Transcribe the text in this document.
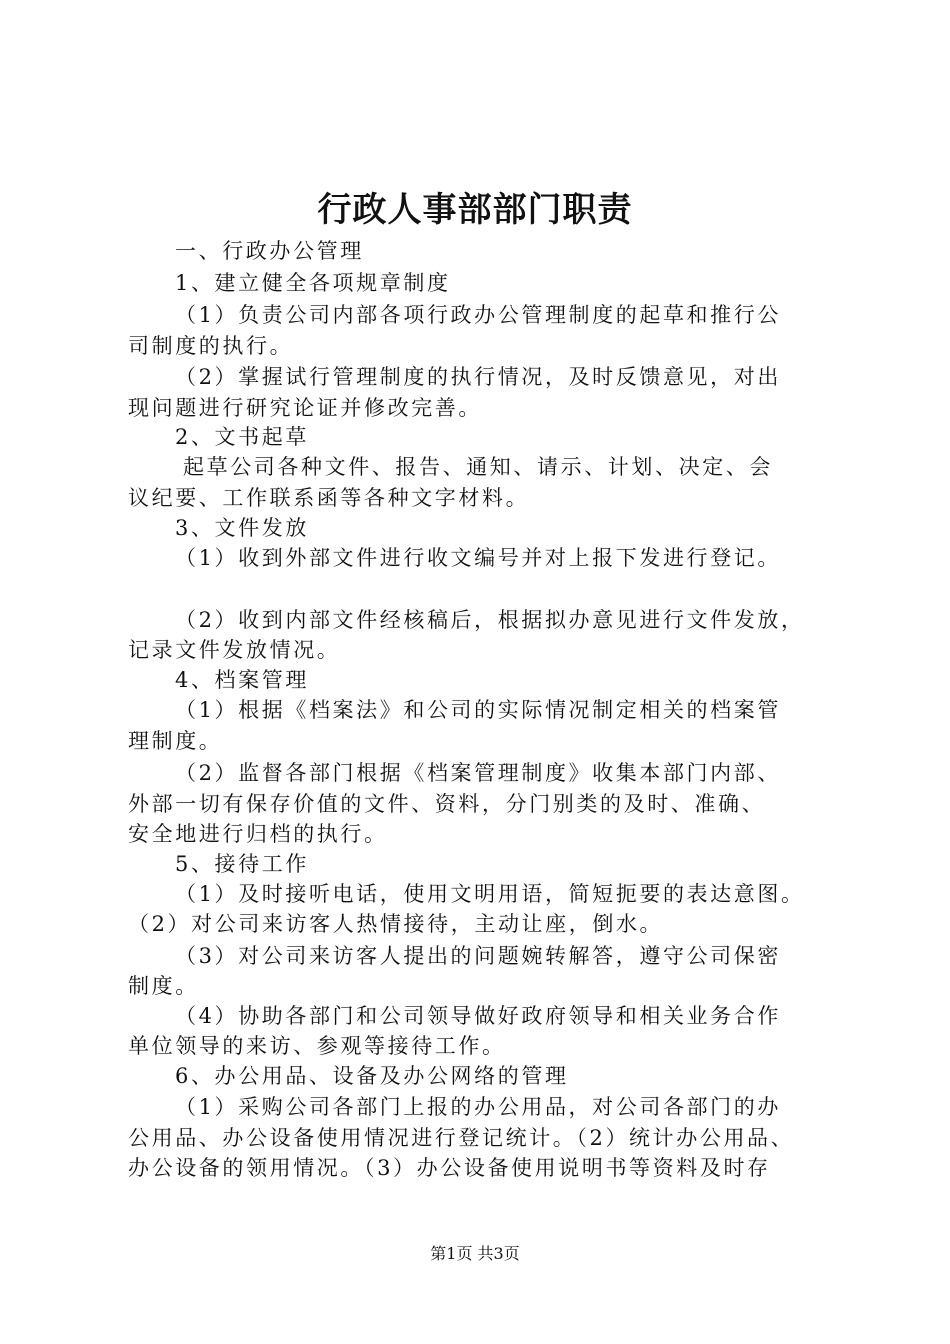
行政人事部部门职责
一、行政办公管理
1、建立健全各项规章制度
（1）负责公司内部各项行政办公管理制度的起草和推行公
司制度的执行。
（2）掌握试行管理制度的执行情况，及时反馈意见，对出
现问题进行研究论证并修改完善。
2、文书起草
起草公司各种文件、报告、通知、请示、计划、决定、会
议纪要、工作联系函等各种文字材料。
3、文件发放
（1）收到外部文件进行收文编号并对上报下发进行登记。
（2）收到内部文件经核稿后，根据拟办意见进行文件发放，
记录文件发放情况。
4、档案管理
（1）根据《档案法》和公司的实际情况制定相关的档案管
理制度。
（2）监督各部门根据《档案管理制度》收集本部门内部、
外部一切有保存价值的文件、资料，分门别类的及时、准确、
安全地进行归档的执行。
5、接待工作
（1）及时接听电话，使用文明用语，简短扼要的表达意图。
（2）对公司来访客人热情接待，主动让座，倒水。
（3）对公司来访客人提出的问题婉转解答，遵守公司保密
制度。
（4）协助各部门和公司领导做好政府领导和相关业务合作
单位领导的来访、参观等接待工作。
6、办公用品、设备及办公网络的管理
（1）采购公司各部门上报的办公用品，对公司各部门的办
公用品、办公设备使用情况进行登记统计。（2）统计办公用品、
办公设备的领用情况。（3）办公设备使用说明书等资料及时存
第1页 共3页
